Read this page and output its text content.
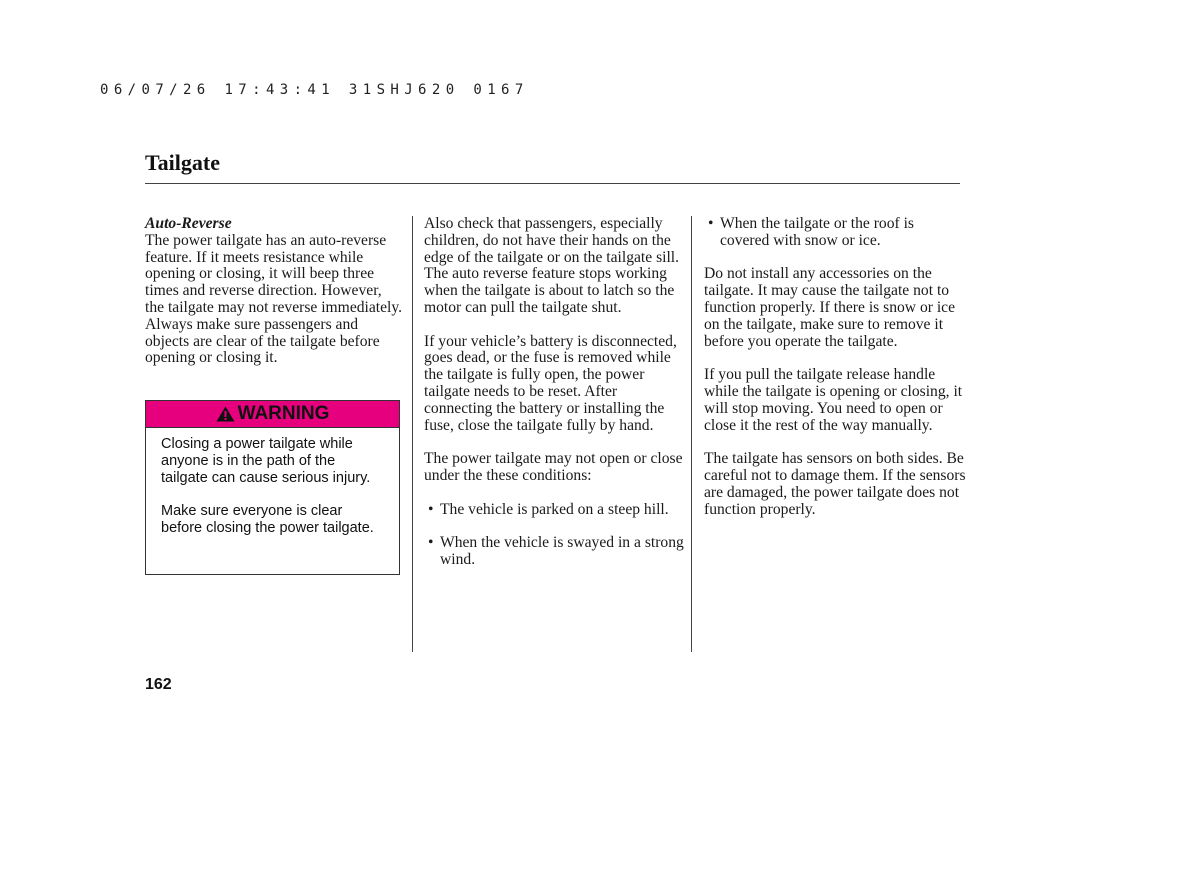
06/07/26 17:43:41 31SHJ620 0167
Tailgate
Auto-Reverse

The power tailgate has an auto-reverse feature. If it meets resistance while opening or closing, it will beep three times and reverse direction. However, the tailgate may not reverse immediately. Always make sure passengers and objects are clear of the tailgate before opening or closing it.

WARNING

Closing a power tailgate while anyone is in the path of the tailgate can cause serious injury.

Make sure everyone is clear before closing the power tailgate.

Also check that passengers, especially children, do not have their hands on the edge of the tailgate or on the tailgate sill. The auto reverse feature stops working when the tailgate is about to latch so the motor can pull the tailgate shut.

If your vehicle’s battery is disconnected, goes dead, or the fuse is removed while the tailgate is fully open, the power tailgate needs to be reset. After connecting the battery or installing the fuse, close the tailgate fully by hand.

The power tailgate may not open or close under the these conditions:

• The vehicle is parked on a steep hill.
• When the vehicle is swayed in a strong wind.
• When the tailgate or the roof is covered with snow or ice.

Do not install any accessories on the tailgate. It may cause the tailgate not to function properly. If there is snow or ice on the tailgate, make sure to remove it before you operate the tailgate.

If you pull the tailgate release handle while the tailgate is opening or closing, it will stop moving. You need to open or close it the rest of the way manually.

The tailgate has sensors on both sides. Be careful not to damage them. If the sensors are damaged, the power tailgate does not function properly.

162
